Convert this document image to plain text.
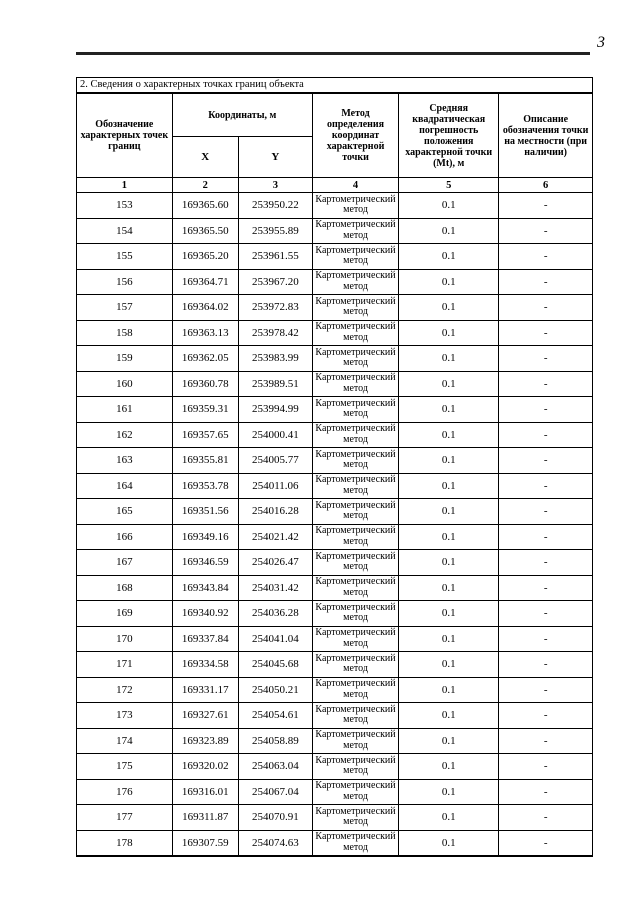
3
2. Сведения о характерных точках границ объекта
Обозначение характерных точек границ	Координаты, м		Метод определения координат характерной точки	Средняя квадратическая погрешность положения характерной точки (Mt), м	Описание обозначения точки на местности (при наличии)
	X	Y			
1	2	3	4	5	6
153	169365.60	253950.22	Картометрический метод	0.1	-
154	169365.50	253955.89	Картометрический метод	0.1	-
155	169365.20	253961.55	Картометрический метод	0.1	-
156	169364.71	253967.20	Картометрический метод	0.1	-
157	169364.02	253972.83	Картометрический метод	0.1	-
158	169363.13	253978.42	Картометрический метод	0.1	-
159	169362.05	253983.99	Картометрический метод	0.1	-
160	169360.78	253989.51	Картометрический метод	0.1	-
161	169359.31	253994.99	Картометрический метод	0.1	-
162	169357.65	254000.41	Картометрический метод	0.1	-
163	169355.81	254005.77	Картометрический метод	0.1	-
164	169353.78	254011.06	Картометрический метод	0.1	-
165	169351.56	254016.28	Картометрический метод	0.1	-
166	169349.16	254021.42	Картометрический метод	0.1	-
167	169346.59	254026.47	Картометрический метод	0.1	-
168	169343.84	254031.42	Картометрический метод	0.1	-
169	169340.92	254036.28	Картометрический метод	0.1	-
170	169337.84	254041.04	Картометрический метод	0.1	-
171	169334.58	254045.68	Картометрический метод	0.1	-
172	169331.17	254050.21	Картометрический метод	0.1	-
173	169327.61	254054.61	Картометрический метод	0.1	-
174	169323.89	254058.89	Картометрический метод	0.1	-
175	169320.02	254063.04	Картометрический метод	0.1	-
176	169316.01	254067.04	Картометрический метод	0.1	-
177	169311.87	254070.91	Картометрический метод	0.1	-
178	169307.59	254074.63	Картометрический метод	0.1	-
